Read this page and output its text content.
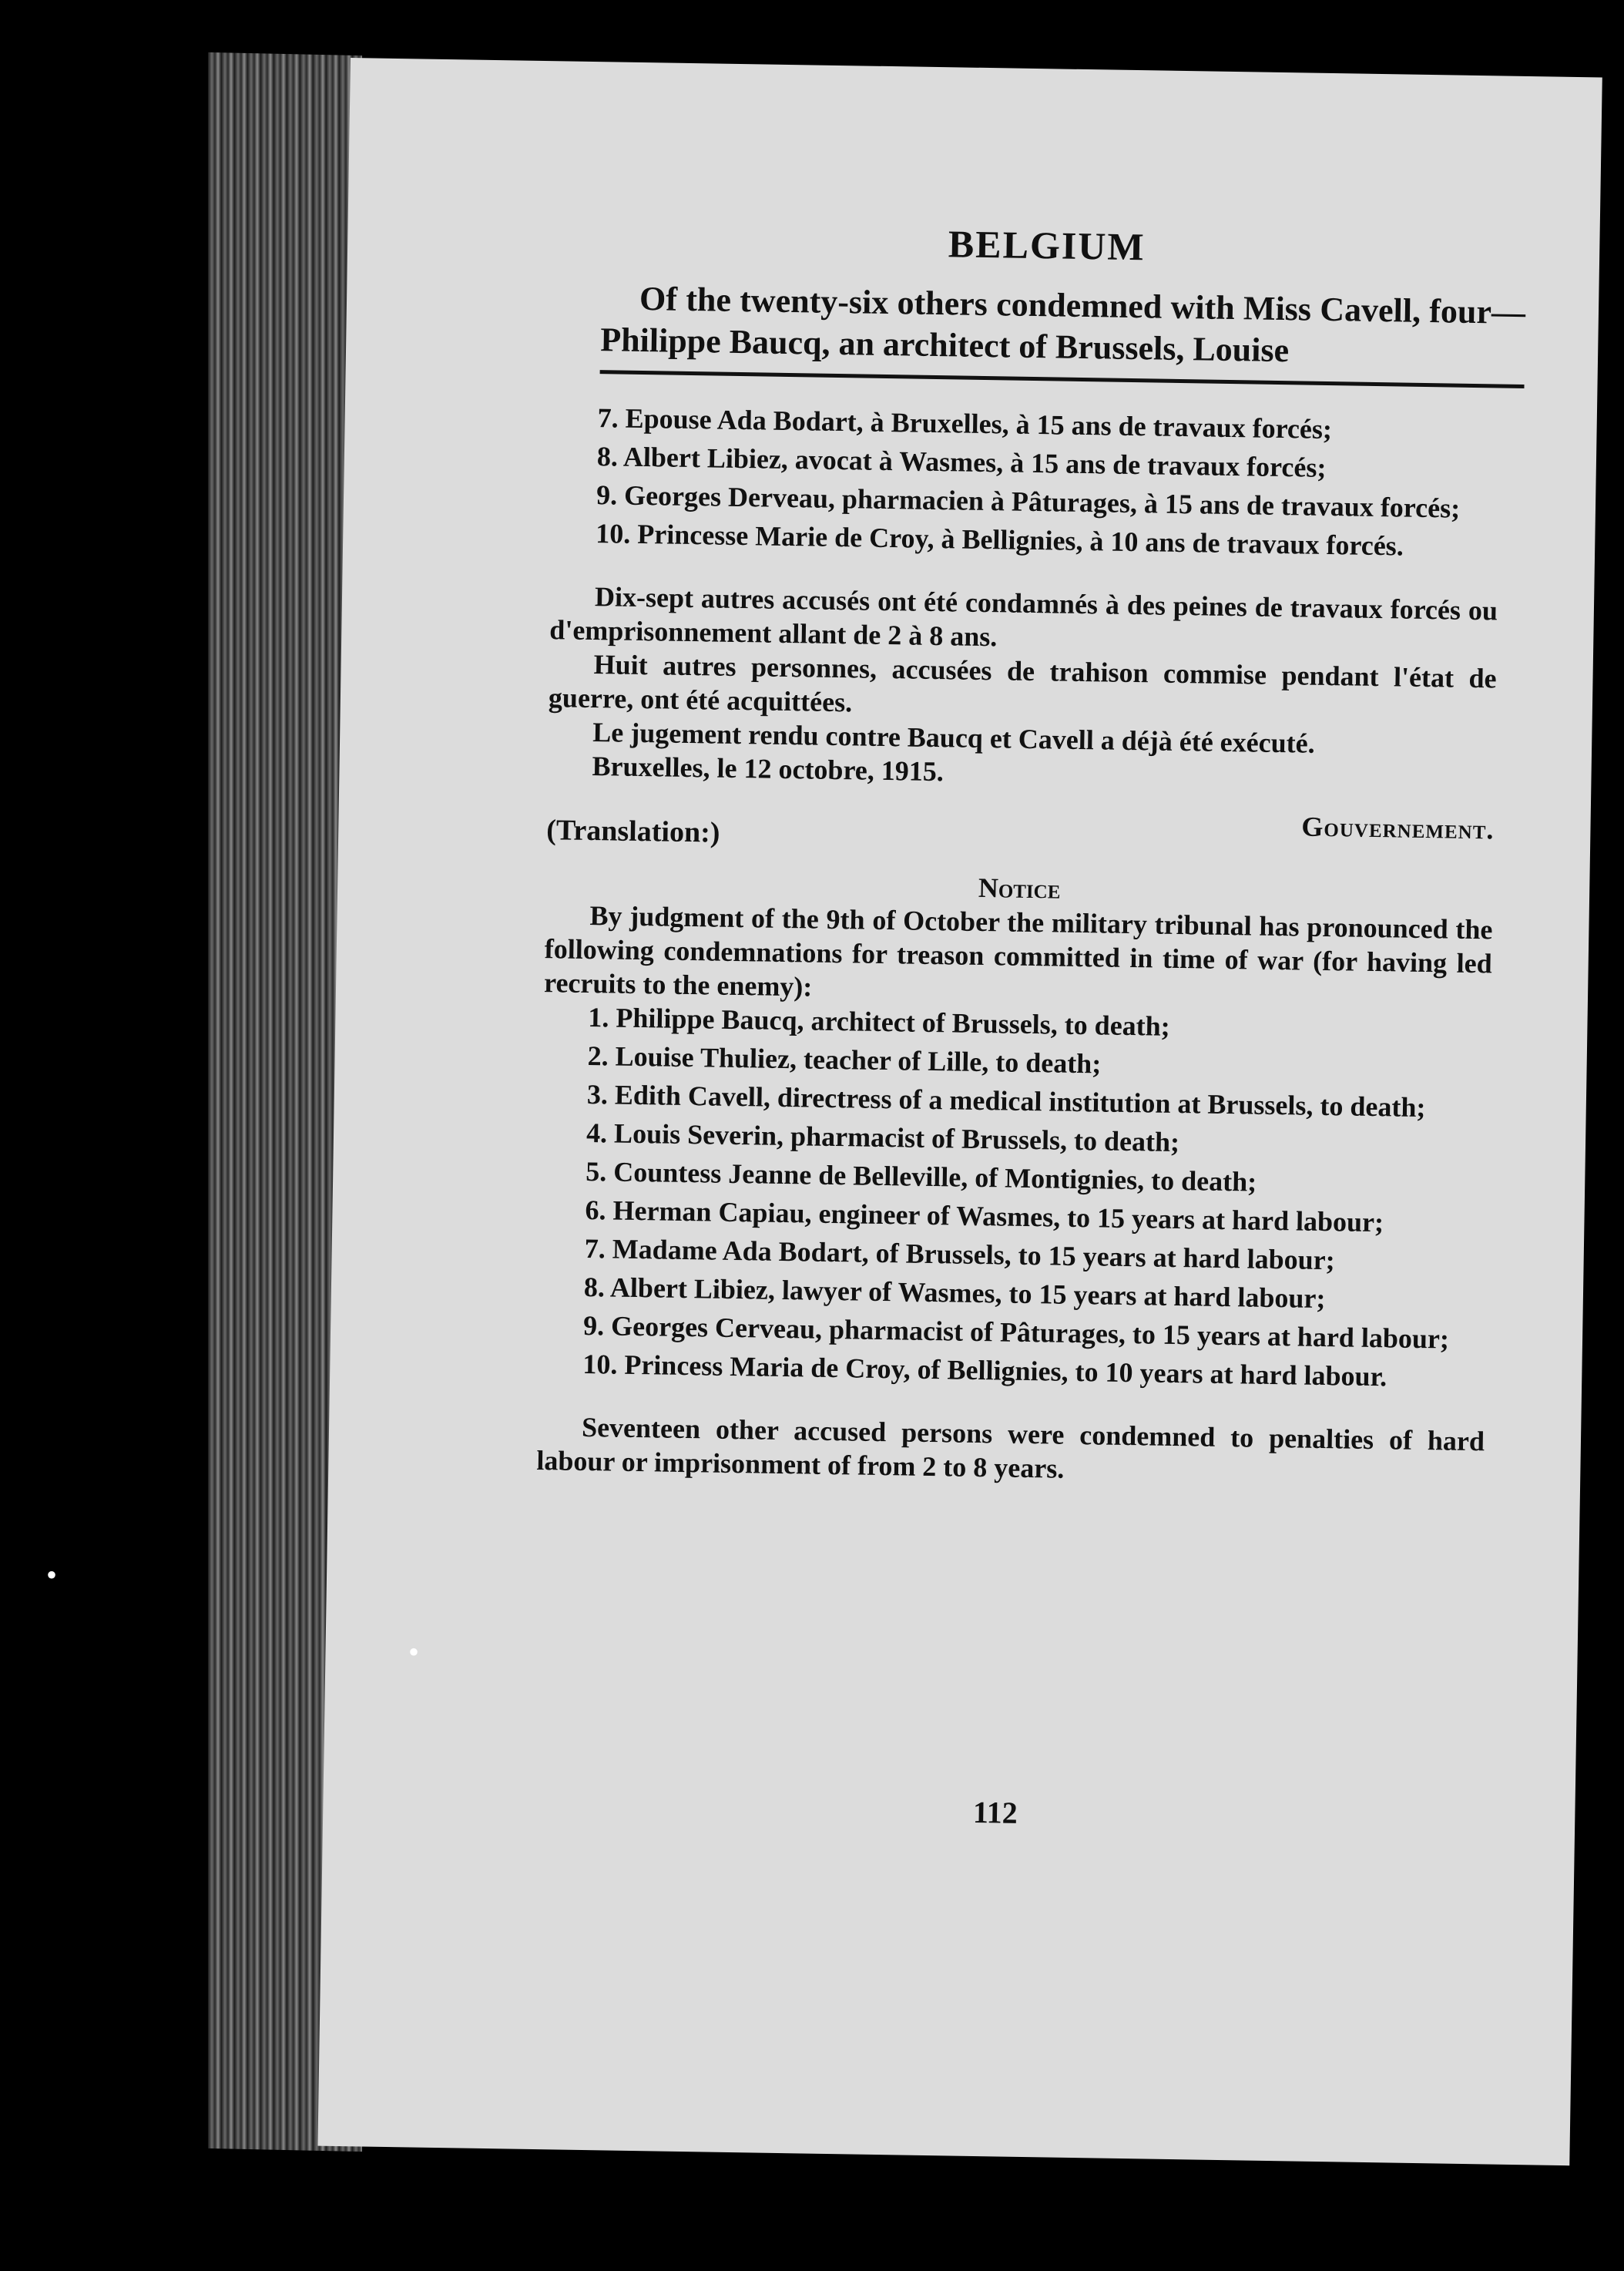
BELGIUM

Of the twenty-six others condemned with Miss Cavell, four—Philippe Baucq, an architect of Brussels, Louise

7. Epouse Ada Bodart, à Bruxelles, à 15 ans de travaux forcés;

8. Albert Libiez, avocat à Wasmes, à 15 ans de travaux forcés;

9. Georges Derveau, pharmacien à Pâturages, à 15 ans de travaux forcés;

10. Princesse Marie de Croy, à Bellignies, à 10 ans de travaux forcés.

Dix-sept autres accusés ont été condamnés à des peines de travaux forcés ou d'emprisonnement allant de 2 à 8 ans.

Huit autres personnes, accusées de trahison commise pendant l'état de guerre, ont été acquittées.

Le jugement rendu contre Baucq et Cavell a déjà été exécuté.

Bruxelles, le 12 octobre, 1915.

(Translation:)	Gouvernement.

Notice

By judgment of the 9th of October the military tribunal has pronounced the following condemnations for treason committed in time of war (for having led recruits to the enemy):

1. Philippe Baucq, architect of Brussels, to death;

2. Louise Thuliez, teacher of Lille, to death;

3. Edith Cavell, directress of a medical institution at Brussels, to death;

4. Louis Severin, pharmacist of Brussels, to death;

5. Countess Jeanne de Belleville, of Montignies, to death;

6. Herman Capiau, engineer of Wasmes, to 15 years at hard labour;

7. Madame Ada Bodart, of Brussels, to 15 years at hard labour;

8. Albert Libiez, lawyer of Wasmes, to 15 years at hard labour;

9. Georges Cerveau, pharmacist of Pâturages, to 15 years at hard labour;

10. Princess Maria de Croy, of Bellignies, to 10 years at hard labour.

Seventeen other accused persons were condemned to penalties of hard labour or imprisonment of from 2 to 8 years.

112
•
•
